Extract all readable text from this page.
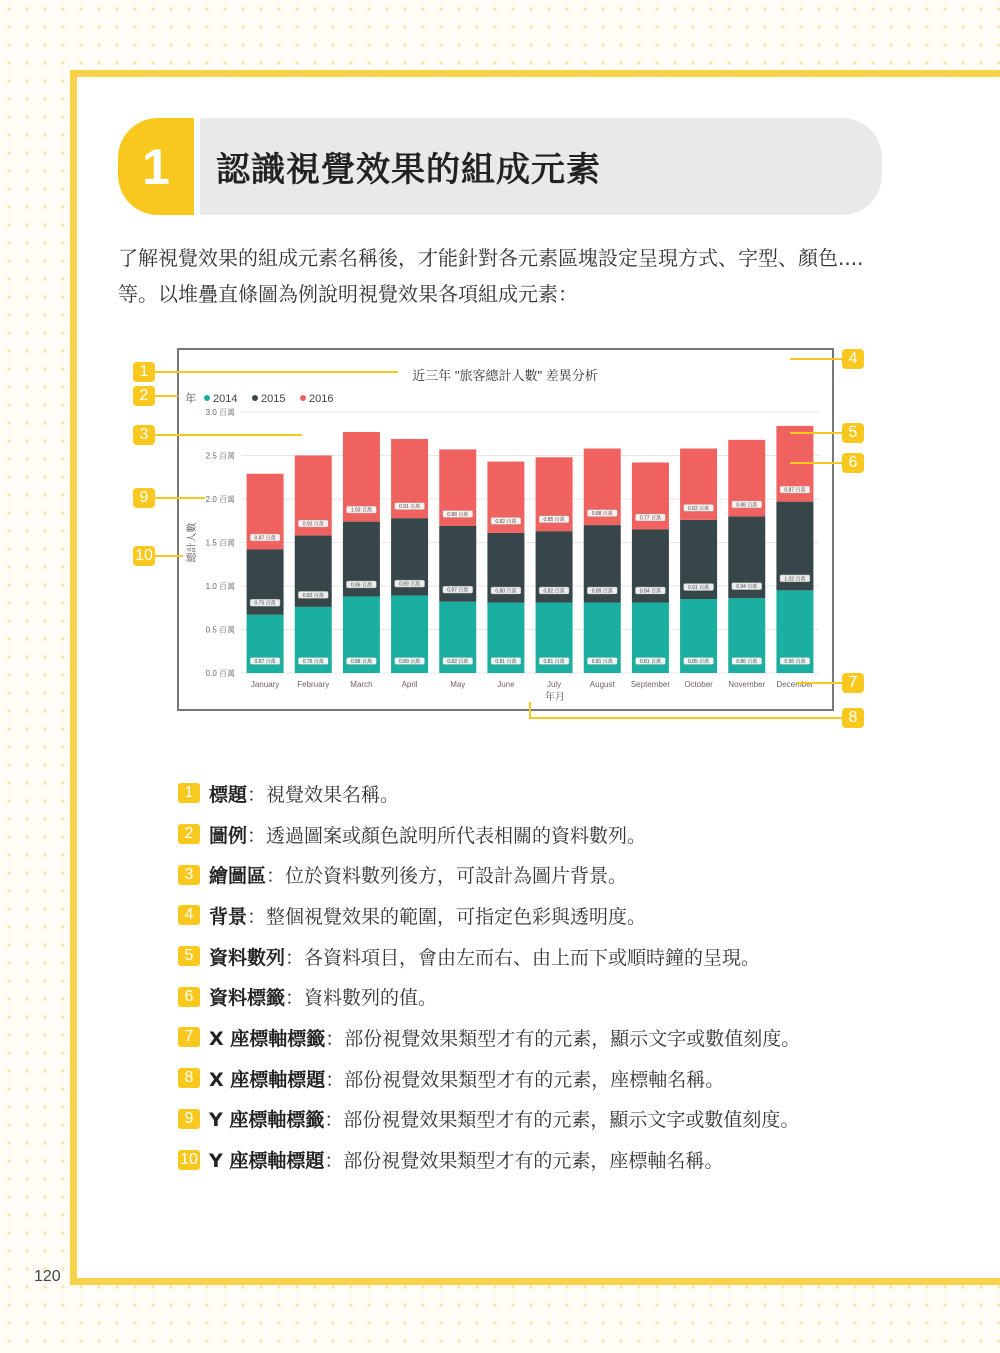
1 認識視覺效果的組成元素

了解視覺效果的組成元素名稱後，才能針對各元素區塊設定呈現方式、字型、顏色....等。以堆疊直條圖為例說明視覺效果各項組成元素：

近三年 "旅客總計人數" 差異分析
年 2014 2015 2016
0.0 百萬
0.5 百萬
1.0 百萬
1.5 百萬
2.0 百萬
2.5 百萬
3.0 百萬
總計人數
0.67 百萬
0.75 百萬
0.87 百萬
January
0.76 百萬
0.82 百萬
0.92 百萬
February
0.88 百萬
0.86 百萬
1.03 百萬
March
0.89 百萬
0.89 百萬
0.91 百萬
April
0.82 百萬
0.87 百萬
0.88 百萬
May
0.81 百萬
0.80 百萬
0.82 百萬
June
0.81 百萬
0.82 百萬
0.85 百萬
July
0.81 百萬
0.89 百萬
0.88 百萬
August
0.81 百萬
0.84 百萬
0.77 百萬
September
0.85 百萬
0.91 百萬
0.82 百萬
October
0.86 百萬
0.94 百萬
0.88 百萬
November
0.95 百萬
1.02 百萬
0.87 百萬
December
年月
1
2
3
4
5
6
7
8
9
10
1 標題 ： 視覺效果名稱。
2 圖例 ： 透過圖案或顏色說明所代表相關的資料數列。
3 繪圖區 ： 位於資料數列後方，可設計為圖片背景。
4 背景 ： 整個視覺效果的範圍，可指定色彩與透明度。
5 資料數列 ： 各資料項目，會由左而右、由上而下或順時鐘的呈現。
6 資料標籤 ： 資料數列的值。
7 X 座標軸標籤 ： 部份視覺效果類型才有的元素，顯示文字或數值刻度。
8 X 座標軸標題 ： 部份視覺效果類型才有的元素，座標軸名稱。
9 Y 座標軸標籤 ： 部份視覺效果類型才有的元素，顯示文字或數值刻度。
10 Y 座標軸標題 ： 部份視覺效果類型才有的元素，座標軸名稱。
120
